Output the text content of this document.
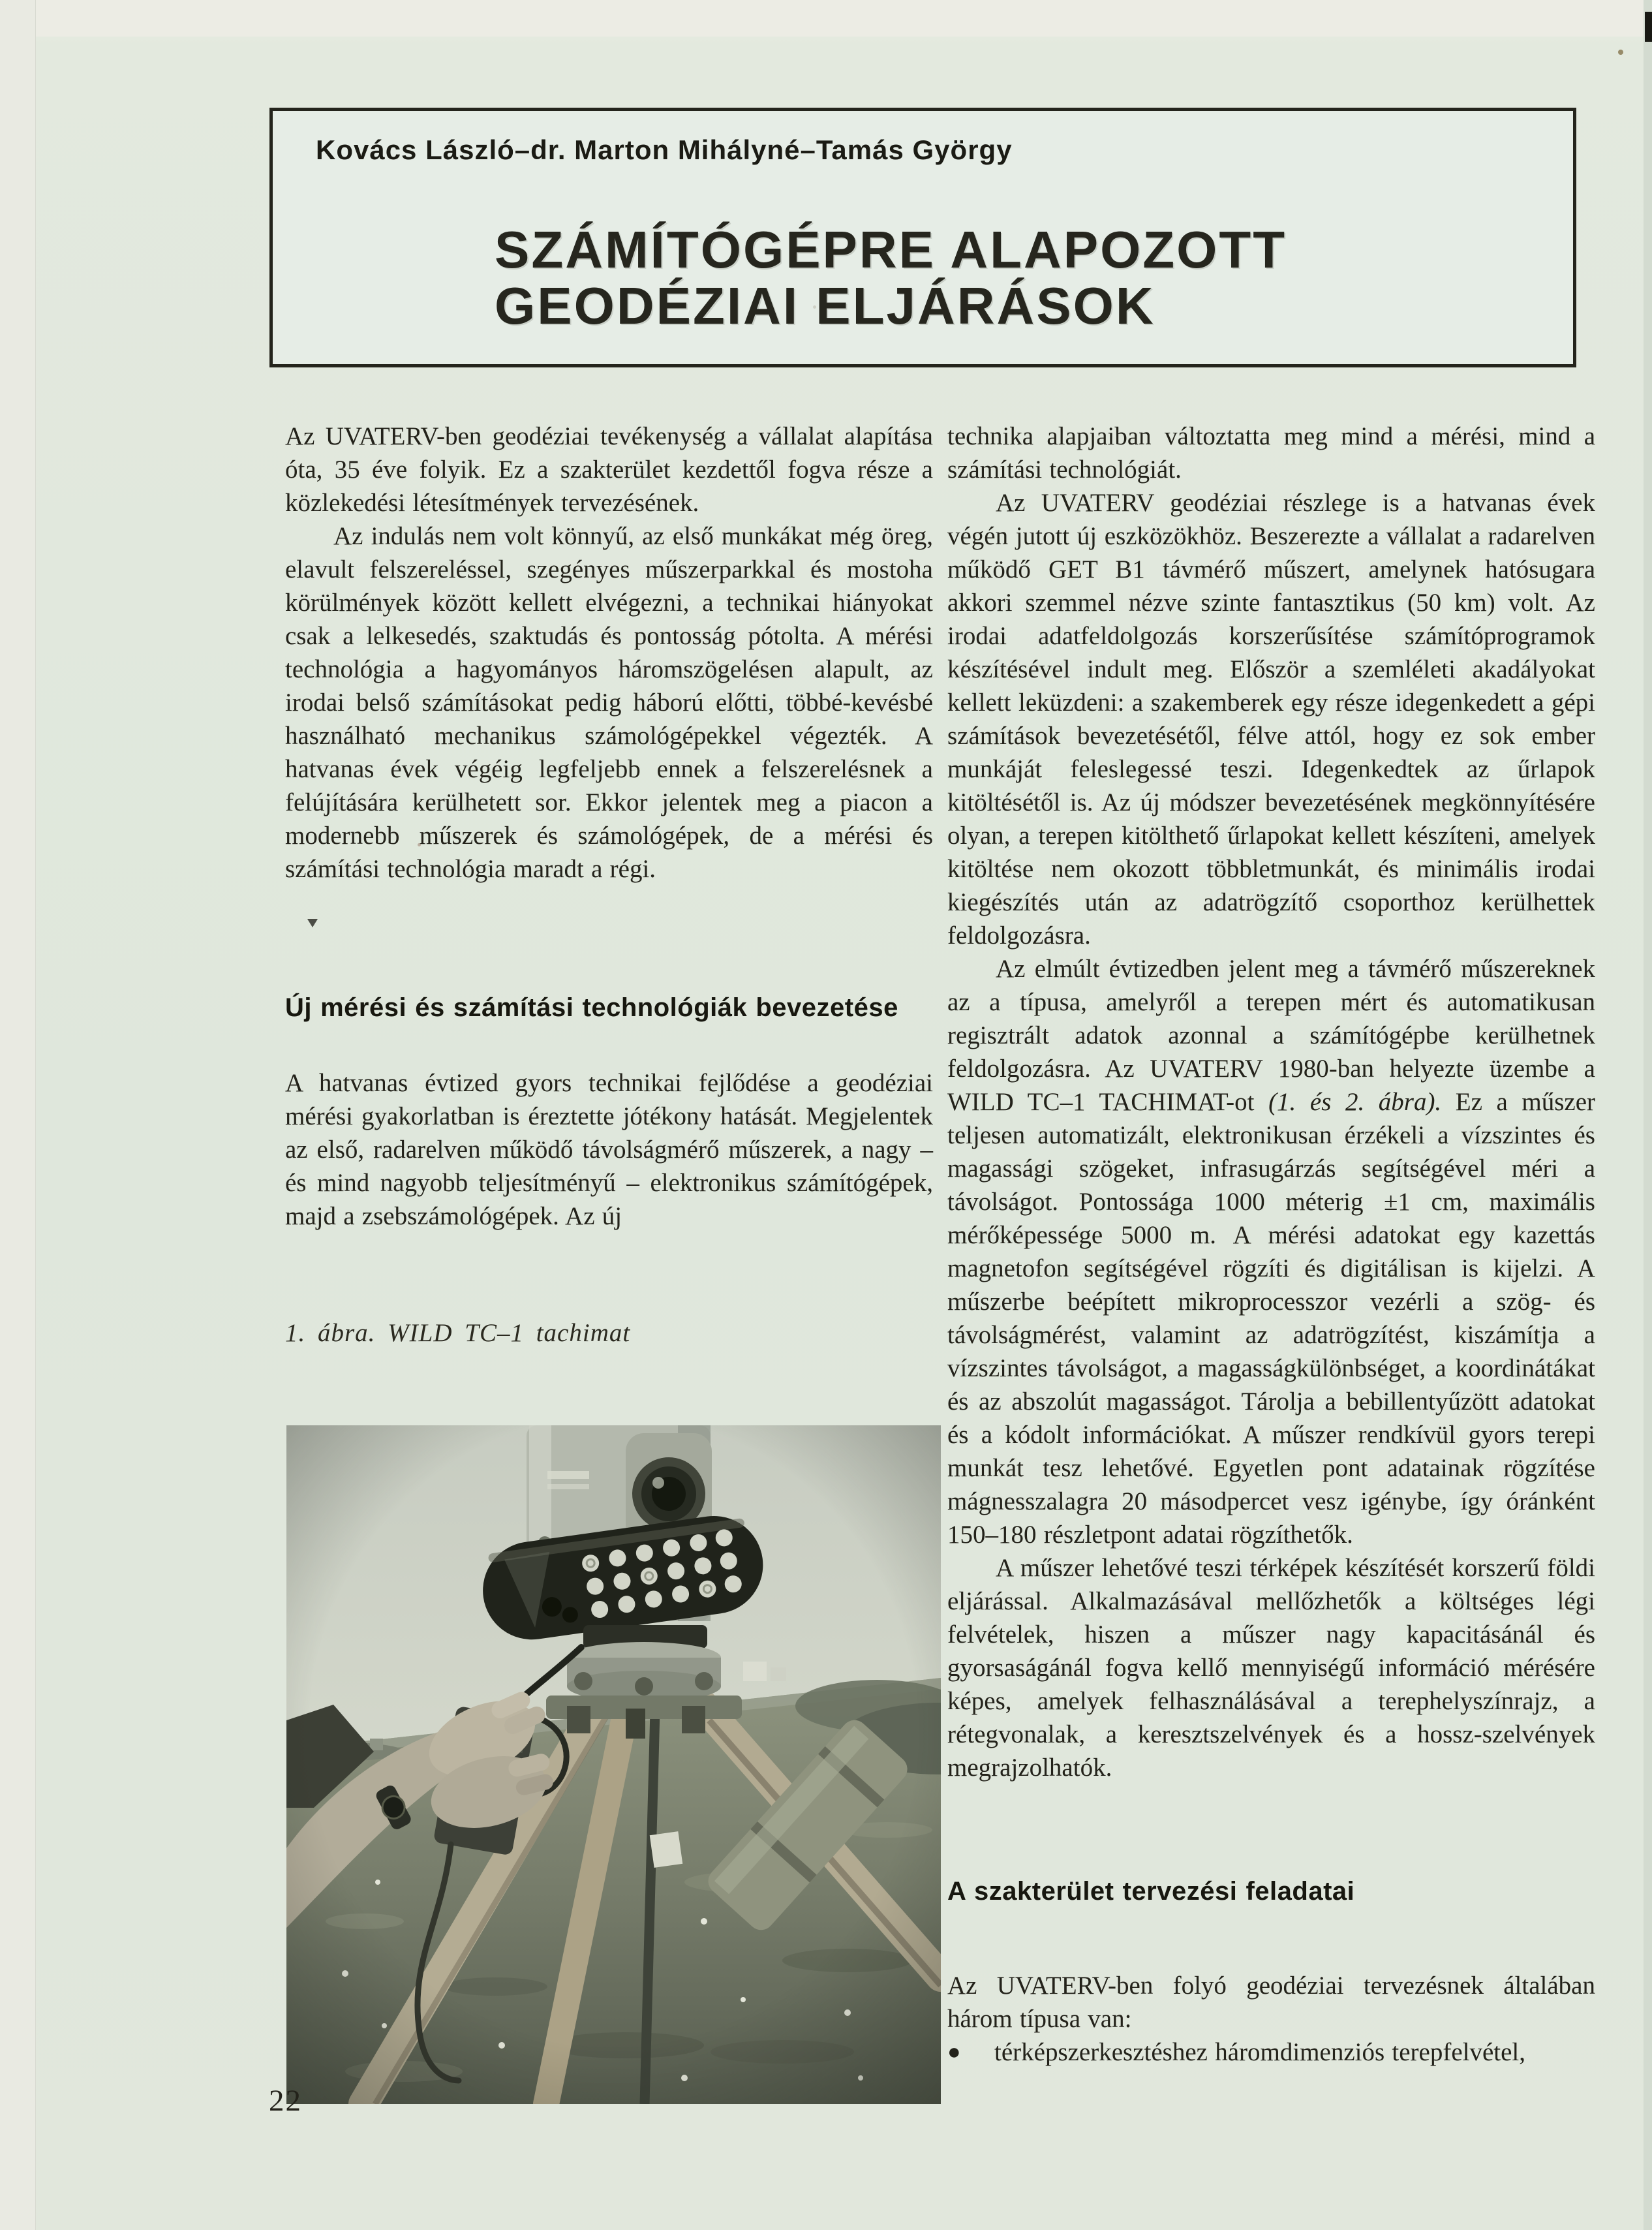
Kovács László–dr. Marton Mihályné–Tamás György
SZÁMÍTÓGÉPRE ALAPOZOTT
GEODÉZIAI ELJÁRÁSOK

Az UVATERV-ben geodéziai tevékenység a vállalat alapítása óta, 35 éve folyik. Ez a szakterület kezdettől fogva része a közlekedési létesítmények tervezésének.

Az indulás nem volt könnyű, az első munkákat még öreg, elavult felszereléssel, szegényes műszerparkkal és mostoha körülmények között kellett elvégezni, a technikai hiányokat csak a lelkesedés, szaktudás és pontosság pótolta. A mérési technológia a hagyományos háromszögelésen alapult, az irodai belső számításokat pedig háború előtti, többé-kevésbé használható mechanikus számológépekkel végezték. A hatvanas évek végéig legfeljebb ennek a felszerelésnek a felújítására kerülhetett sor. Ekkor jelentek meg a piacon a modernebb műszerek és számológépek, de a mérési és számítási technológia maradt a régi.

Új mérési és számítási technológiák bevezetése

A hatvanas évtized gyors technikai fejlődése a geodéziai mérési gyakorlatban is éreztette jótékony hatását. Megjelentek az első, radarelven működő távolságmérő műszerek, a nagy – és mind nagyobb teljesítményű – elektronikus számítógépek, majd a zsebszámológépek. Az új

1. ábra. WILD TC–1 tachimat

technika alapjaiban változtatta meg mind a mérési, mind a számítási technológiát.

Az UVATERV geodéziai részlege is a hatvanas évek végén jutott új eszközökhöz. Beszerezte a vállalat a radarelven működő GET B1 távmérő műszert, amelynek hatósugara akkori szemmel nézve szinte fantasztikus (50 km) volt. Az irodai adatfeldolgozás korszerűsítése számítóprogramok készítésével indult meg. Először a szemléleti akadályokat kellett leküzdeni: a szakemberek egy része idegenkedett a gépi számítások bevezetésétől, félve attól, hogy ez sok ember munkáját feleslegessé teszi. Idegenkedtek az űrlapok kitöltésétől is. Az új módszer bevezetésének megkönnyítésére olyan, a terepen kitölthető űrlapokat kellett készíteni, amelyek kitöltése nem okozott többletmunkát, és minimális irodai kiegészítés után az adatrögzítő csoporthoz kerülhettek feldolgozásra.

Az elmúlt évtizedben jelent meg a távmérő műszereknek az a típusa, amelyről a terepen mért és automatikusan regisztrált adatok azonnal a számítógépbe kerülhetnek feldolgozásra. Az UVATERV 1980-ban helyezte üzembe a WILD TC–1 TACHIMAT-ot (1. és 2. ábra). Ez a műszer teljesen automatizált, elektronikusan érzékeli a vízszintes és magassági szögeket, infrasugárzás segítségével méri a távolságot. Pontossága 1000 méterig ±1 cm, maximális mérőképessége 5000 m. A mérési adatokat egy kazettás magnetofon segítségével rögzíti és digitálisan is kijelzi. A műszerbe beépített mikroprocesszor vezérli a szög- és távolságmérést, valamint az adatrögzítést, kiszámítja a vízszintes távolságot, a magasságkülönbséget, a koordinátákat és az abszolút magasságot. Tárolja a bebillentyűzött adatokat és a kódolt információkat. A műszer rendkívül gyors terepi munkát tesz lehetővé. Egyetlen pont adatainak rögzítése mágnesszalagra 20 másodpercet vesz igénybe, így óránként 150–180 részletpont adatai rögzíthetők.

A műszer lehetővé teszi térképek készítését korszerű földi eljárással. Alkalmazásával mellőzhetők a költséges légi felvételek, hiszen a műszer nagy kapacitásánál és gyorsaságánál fogva kellő mennyiségű információ mérésére képes, amelyek felhasználásával a terephelyszínrajz, a rétegvonalak, a keresztszelvények és a hossz-szelvények megrajzolhatók.

A szakterület tervezési feladatai

Az UVATERV-ben folyó geodéziai tervezésnek általában három típusa van:

●	térképszerkesztéshez háromdimenziós terepfelvétel,

22
